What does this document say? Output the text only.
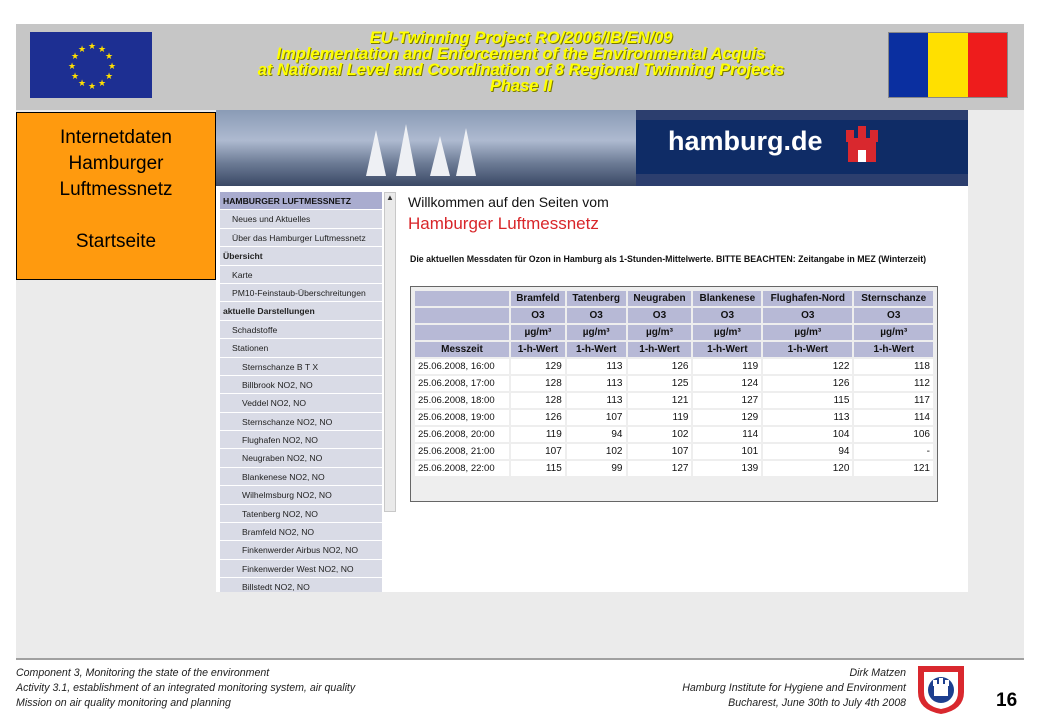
★ ★
★
★
★
★
★
★
★
★
★
★
EU-Twinning Project RO/2006/IB/EN/09
Implementation and Enforcement of the Environmental Acquis
at National Level and Coordination of 8 Regional Twinning Projects
Phase II
hamburg.de
HAMBURGER LUFTMESSNETZ
Neues und Aktuelles
Über das Hamburger Luftmessnetz
Übersicht
Karte
PM10-Feinstaub-Überschreitungen
aktuelle Darstellungen
Schadstoffe
Stationen
Sternschanze B T X
Billbrook NO2, NO
Veddel NO2, NO
Sternschanze NO2, NO
Flughafen NO2, NO
Neugraben NO2, NO
Blankenese NO2, NO
Wilhelmsburg NO2, NO
Tatenberg NO2, NO
Bramfeld NO2, NO
Finkenwerder Airbus NO2, NO
Finkenwerder West NO2, NO
Billstedt NO2, NO
▲ Willkommen auf den Seiten vom
Hamburger Luftmessnetz
Die aktuellen Messdaten für Ozon in Hamburg als 1-Stunden-Mittelwerte. BITTE BEACHTEN: Zeitangabe in MEZ (Winterzeit)
	Bramfeld	Tatenberg	Neugraben	Blankenese	Flughafen-Nord	Sternschanze
	O3	O3	O3	O3	O3	O3
	µg/m³	µg/m³	µg/m³	µg/m³	µg/m³	µg/m³
Messzeit	1-h-Wert	1-h-Wert	1-h-Wert	1-h-Wert	1-h-Wert	1-h-Wert
25.06.2008, 16:00	129	113	126	119	122	118
25.06.2008, 17:00	128	113	125	124	126	112
25.06.2008, 18:00	128	113	121	127	115	117
25.06.2008, 19:00	126	107	119	129	113	114
25.06.2008, 20:00	119	94	102	114	104	106
25.06.2008, 21:00	107	102	107	101	94	-
25.06.2008, 22:00	115	99	127	139	120	121
Internetdaten
Hamburger
Luftmessnetz
Startseite
Component 3, Monitoring the state of the environment
Activity 3.1, establishment of an integrated monitoring system, air quality
Mission on air quality monitoring and planning
Dirk Matzen
Hamburg Institute for Hygiene and Environment
Bucharest, June 30th to July 4th 2008	16
